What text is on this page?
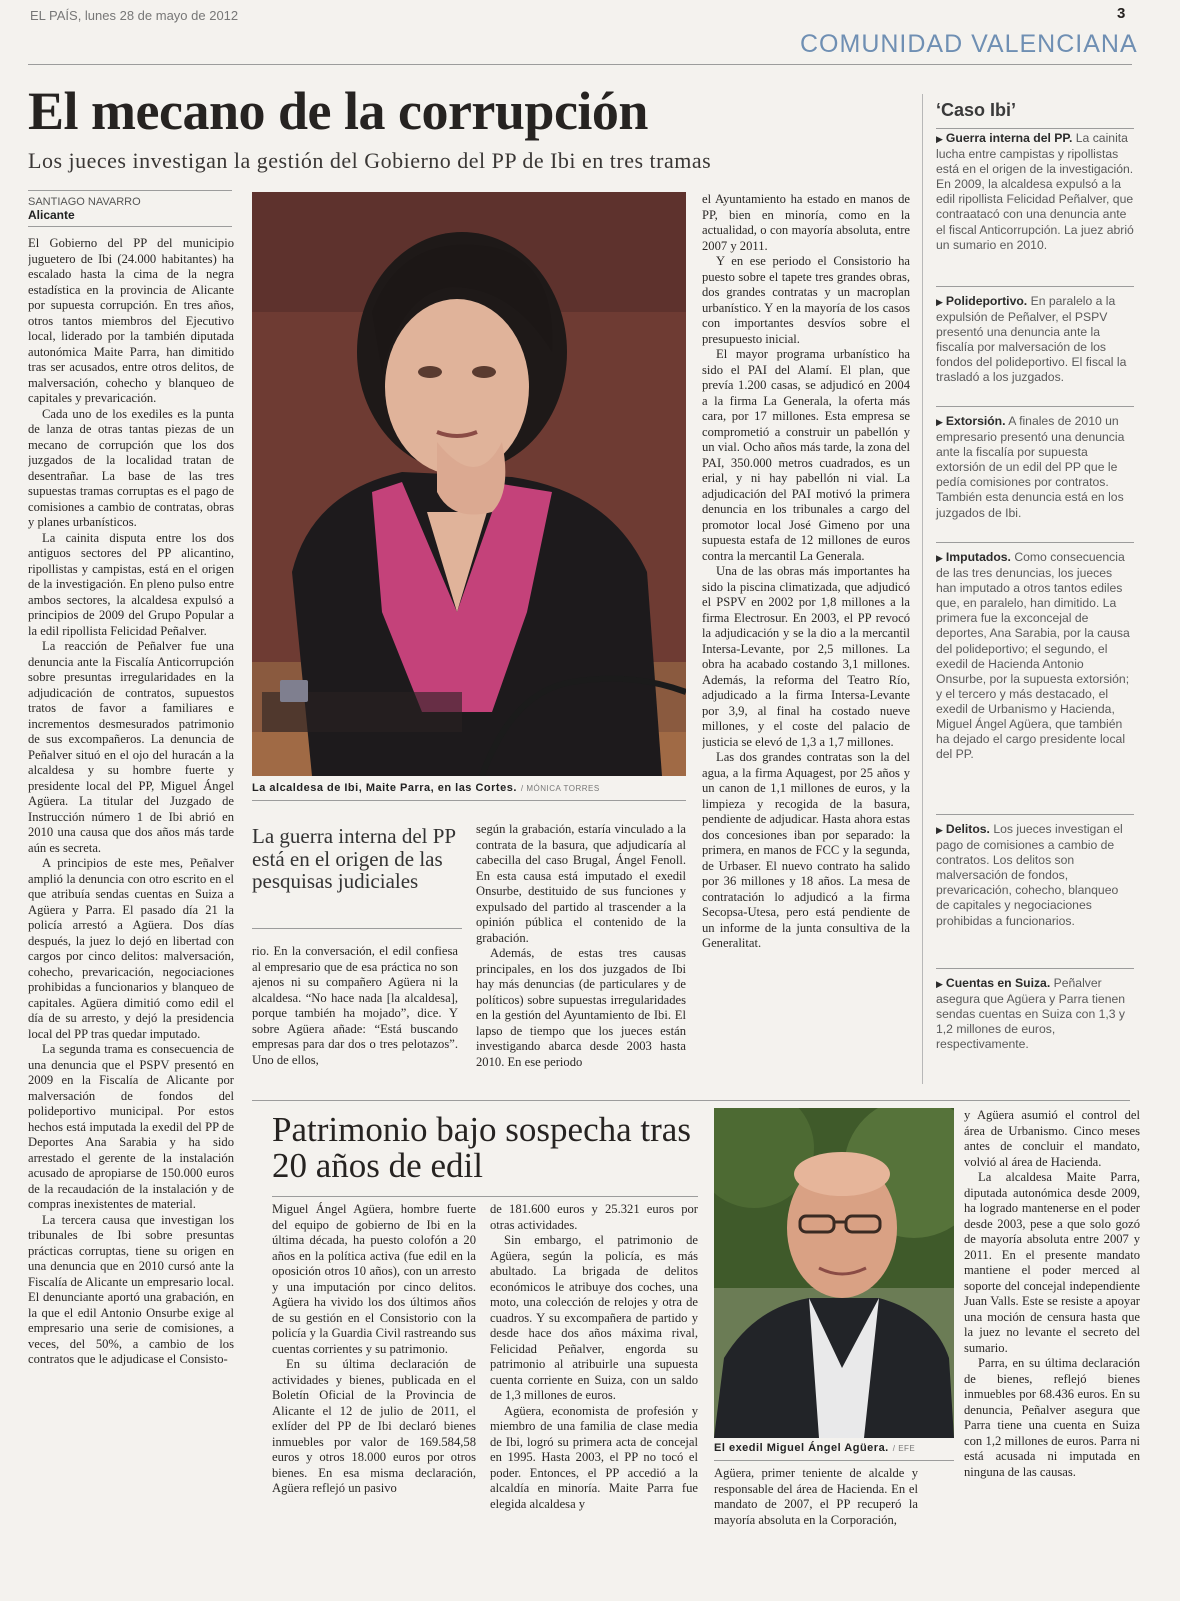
EL PAÍS, lunes 28 de mayo de 2012	3
COMUNIDAD VALENCIANA
El mecano de la corrupción
Los jueces investigan la gestión del Gobierno del PP de Ibi en tres tramas
SANTIAGO NAVARRO
Alicante

El Gobierno del PP del municipio juguetero de Ibi (24.000 habitantes) ha escalado hasta la cima de la negra estadística en la provincia de Alicante por supuesta corrupción. En tres años, otros tantos miembros del Ejecutivo local, liderado por la también diputada autonómica Maite Parra, han dimitido tras ser acusados, entre otros delitos, de malversación, cohecho y blanqueo de capitales y prevaricación.

Cada uno de los exediles es la punta de lanza de otras tantas piezas de un mecano de corrupción que los dos juzgados de la localidad tratan de desentrañar. La base de las tres supuestas tramas corruptas es el pago de comisiones a cambio de contratas, obras y planes urbanísticos.

La cainita disputa entre los dos antiguos sectores del PP alicantino, ripollistas y campistas, está en el origen de la investigación. En pleno pulso entre ambos sectores, la alcaldesa expulsó a principios de 2009 del Grupo Popular a la edil ripollista Felicidad Peñalver.

La reacción de Peñalver fue una denuncia ante la Fiscalía Anticorrupción sobre presuntas irregularidades en la adjudicación de contratos, supuestos tratos de favor a familiares e incrementos desmesurados patrimonio de sus excompañeros. La denuncia de Peñalver situó en el ojo del huracán a la alcaldesa y su hombre fuerte y presidente local del PP, Miguel Ángel Agüera. La titular del Juzgado de Instrucción número 1 de Ibi abrió en 2010 una causa que dos años más tarde aún es secreta.

A principios de este mes, Peñalver amplió la denuncia con otro escrito en el que atribuía sendas cuentas en Suiza a Agüera y Parra. El pasado día 21 la policía arrestó a Agüera. Dos días después, la juez lo dejó en libertad con cargos por cinco delitos: malversación, cohecho, prevaricación, negociaciones prohibidas a funcionarios y blanqueo de capitales. Agüera dimitió como edil el día de su arresto, y dejó la presidencia local del PP tras quedar imputado.

La segunda trama es consecuencia de una denuncia que el PSPV presentó en 2009 en la Fiscalía de Alicante por malversación de fondos del polideportivo municipal. Por estos hechos está imputada la exedil del PP de Deportes Ana Sarabia y ha sido arrestado el gerente de la instalación acusado de apropiarse de 150.000 euros de la recaudación de la instalación y de compras inexistentes de material.

La tercera causa que investigan los tribunales de Ibi sobre presuntas prácticas corruptas, tiene su origen en una denuncia que en 2010 cursó ante la Fiscalía de Alicante un empresario local. El denunciante aportó una grabación, en la que el edil Antonio Onsurbe exige al empresario una serie de comisiones, a veces, del 50%, a cambio de los contratos que le adjudicase el Consisto-

La alcaldesa de Ibi, Maite Parra, en las Cortes. / MÓNICA TORRES
La guerra interna del PP está en el origen de las pesquisas judiciales

rio. En la conversación, el edil confiesa al empresario que de esa práctica no son ajenos ni su compañero Agüera ni la alcaldesa. “No hace nada [la alcaldesa], porque también ha mojado”, dice. Y sobre Agüera añade: “Está buscando empresas para dar dos o tres pelotazos”. Uno de ellos,

según la grabación, estaría vinculado a la contrata de la basura, que adjudicaría al cabecilla del caso Brugal, Ángel Fenoll. En esta causa está imputado el exedil Onsurbe, destituido de sus funciones y expulsado del partido al trascender a la opinión pública el contenido de la grabación.

Además, de estas tres causas principales, en los dos juzgados de Ibi hay más denuncias (de particulares y de políticos) sobre supuestas irregularidades en la gestión del Ayuntamiento de Ibi. El lapso de tiempo que los jueces están investigando abarca desde 2003 hasta 2010. En ese periodo

el Ayuntamiento ha estado en manos de PP, bien en minoría, como en la actualidad, o con mayoría absoluta, entre 2007 y 2011.

Y en ese periodo el Consistorio ha puesto sobre el tapete tres grandes obras, dos grandes contratas y un macroplan urbanístico. Y en la mayoría de los casos con importantes desvíos sobre el presupuesto inicial.

El mayor programa urbanístico ha sido el PAI del Alamí. El plan, que prevía 1.200 casas, se adjudicó en 2004 a la firma La Generala, la oferta más cara, por 17 millones. Esta empresa se comprometió a construir un pabellón y un vial. Ocho años más tarde, la zona del PAI, 350.000 metros cuadrados, es un erial, y ni hay pabellón ni vial. La adjudicación del PAI motivó la primera denuncia en los tribunales a cargo del promotor local José Gimeno por una supuesta estafa de 12 millones de euros contra la mercantil La Generala.

Una de las obras más importantes ha sido la piscina climatizada, que adjudicó el PSPV en 2002 por 1,8 millones a la firma Electrosur. En 2003, el PP revocó la adjudicación y se la dio a la mercantil Intersa-Levante, por 2,5 millones. La obra ha acabado costando 3,1 millones. Además, la reforma del Teatro Río, adjudicado a la firma Intersa-Levante por 3,9, al final ha costado nueve millones, y el coste del palacio de justicia se elevó de 1,3 a 1,7 millones.

Las dos grandes contratas son la del agua, a la firma Aquagest, por 25 años y un canon de 1,1 millones de euros, y la limpieza y recogida de la basura, pendiente de adjudicar. Hasta ahora estas dos concesiones iban por separado: la primera, en manos de FCC y la segunda, de Urbaser. El nuevo contrato ha salido por 36 millones y 18 años. La mesa de contratación lo adjudicó a la firma Secopsa-Utesa, pero está pendiente de un informe de la junta consultiva de la Generalitat.

‘Caso Ibi’
▶ Guerra interna del PP. La cainita lucha entre campistas y ripollistas está en el origen de la investigación. En 2009, la alcaldesa expulsó a la edil ripollista Felicidad Peñalver, que contraatacó con una denuncia ante el fiscal Anticorrupción. La juez abrió un sumario en 2010.
▶ Polideportivo. En paralelo a la expulsión de Peñalver, el PSPV presentó una denuncia ante la fiscalía por malversación de los fondos del polideportivo. El fiscal la trasladó a los juzgados.
▶ Extorsión. A finales de 2010 un empresario presentó una denuncia ante la fiscalía por supuesta extorsión de un edil del PP que le pedía comisiones por contratos. También esta denuncia está en los juzgados de Ibi.
▶ Imputados. Como consecuencia de las tres denuncias, los jueces han imputado a otros tantos ediles que, en paralelo, han dimitido. La primera fue la exconcejal de deportes, Ana Sarabia, por la causa del polideportivo; el segundo, el exedil de Hacienda Antonio Onsurbe, por la supuesta extorsión; y el tercero y más destacado, el exedil de Urbanismo y Hacienda, Miguel Ángel Agüera, que también ha dejado el cargo presidente local del PP.
▶ Delitos. Los jueces investigan el pago de comisiones a cambio de contratos. Los delitos son malversación de fondos, prevaricación, cohecho, blanqueo de capitales y negociaciones prohibidas a funcionarios.
▶ Cuentas en Suiza. Peñalver asegura que Agüera y Parra tienen sendas cuentas en Suiza con 1,3 y 1,2 millones de euros, respectivamente.
Patrimonio bajo sospecha tras 20 años de edil

Miguel Ángel Agüera, hombre fuerte del equipo de gobierno de Ibi en la última década, ha puesto colofón a 20 años en la política activa (fue edil en la oposición otros 10 años), con un arresto y una imputación por cinco delitos. Agüera ha vivido los dos últimos años de su gestión en el Consistorio con la policía y la Guardia Civil rastreando sus cuentas corrientes y su patrimonio.

En su última declaración de actividades y bienes, publicada en el Boletín Oficial de la Provincia de Alicante el 12 de julio de 2011, el exlíder del PP de Ibi declaró bienes inmuebles por valor de 169.584,58 euros y otros 18.000 euros por otros bienes. En esa misma declaración, Agüera reflejó un pasivo

de 181.600 euros y 25.321 euros por otras actividades.

Sin embargo, el patrimonio de Agüera, según la policía, es más abultado. La brigada de delitos económicos le atribuye dos coches, una moto, una colección de relojes y otra de cuadros. Y su excompañera de partido y desde hace dos años máxima rival, Felicidad Peñalver, engorda su patrimonio al atribuirle una supuesta cuenta corriente en Suiza, con un saldo de 1,3 millones de euros.

Agüera, economista de profesión y miembro de una familia de clase media de Ibi, logró su primera acta de concejal en 1995. Hasta 2003, el PP no tocó el poder. Entonces, el PP accedió a la alcaldía en minoría. Maite Parra fue elegida alcaldesa y

El exedil Miguel Ángel Agüera. / EFE

Agüera, primer teniente de alcalde y responsable del área de Hacienda. En el mandato de 2007, el PP recuperó la mayoría absoluta en la Corporación,

y Agüera asumió el control del área de Urbanismo. Cinco meses antes de concluir el mandato, volvió al área de Hacienda.

La alcaldesa Maite Parra, diputada autonómica desde 2009, ha logrado mantenerse en el poder desde 2003, pese a que solo gozó de mayoría absoluta entre 2007 y 2011. En el presente mandato mantiene el poder merced al soporte del concejal independiente Juan Valls. Este se resiste a apoyar una moción de censura hasta que la juez no levante el secreto del sumario.

Parra, en su última declaración de bienes, reflejó bienes inmuebles por 68.436 euros. En su denuncia, Peñalver asegura que Parra tiene una cuenta en Suiza con 1,2 millones de euros. Parra ni está acusada ni imputada en ninguna de las causas.
